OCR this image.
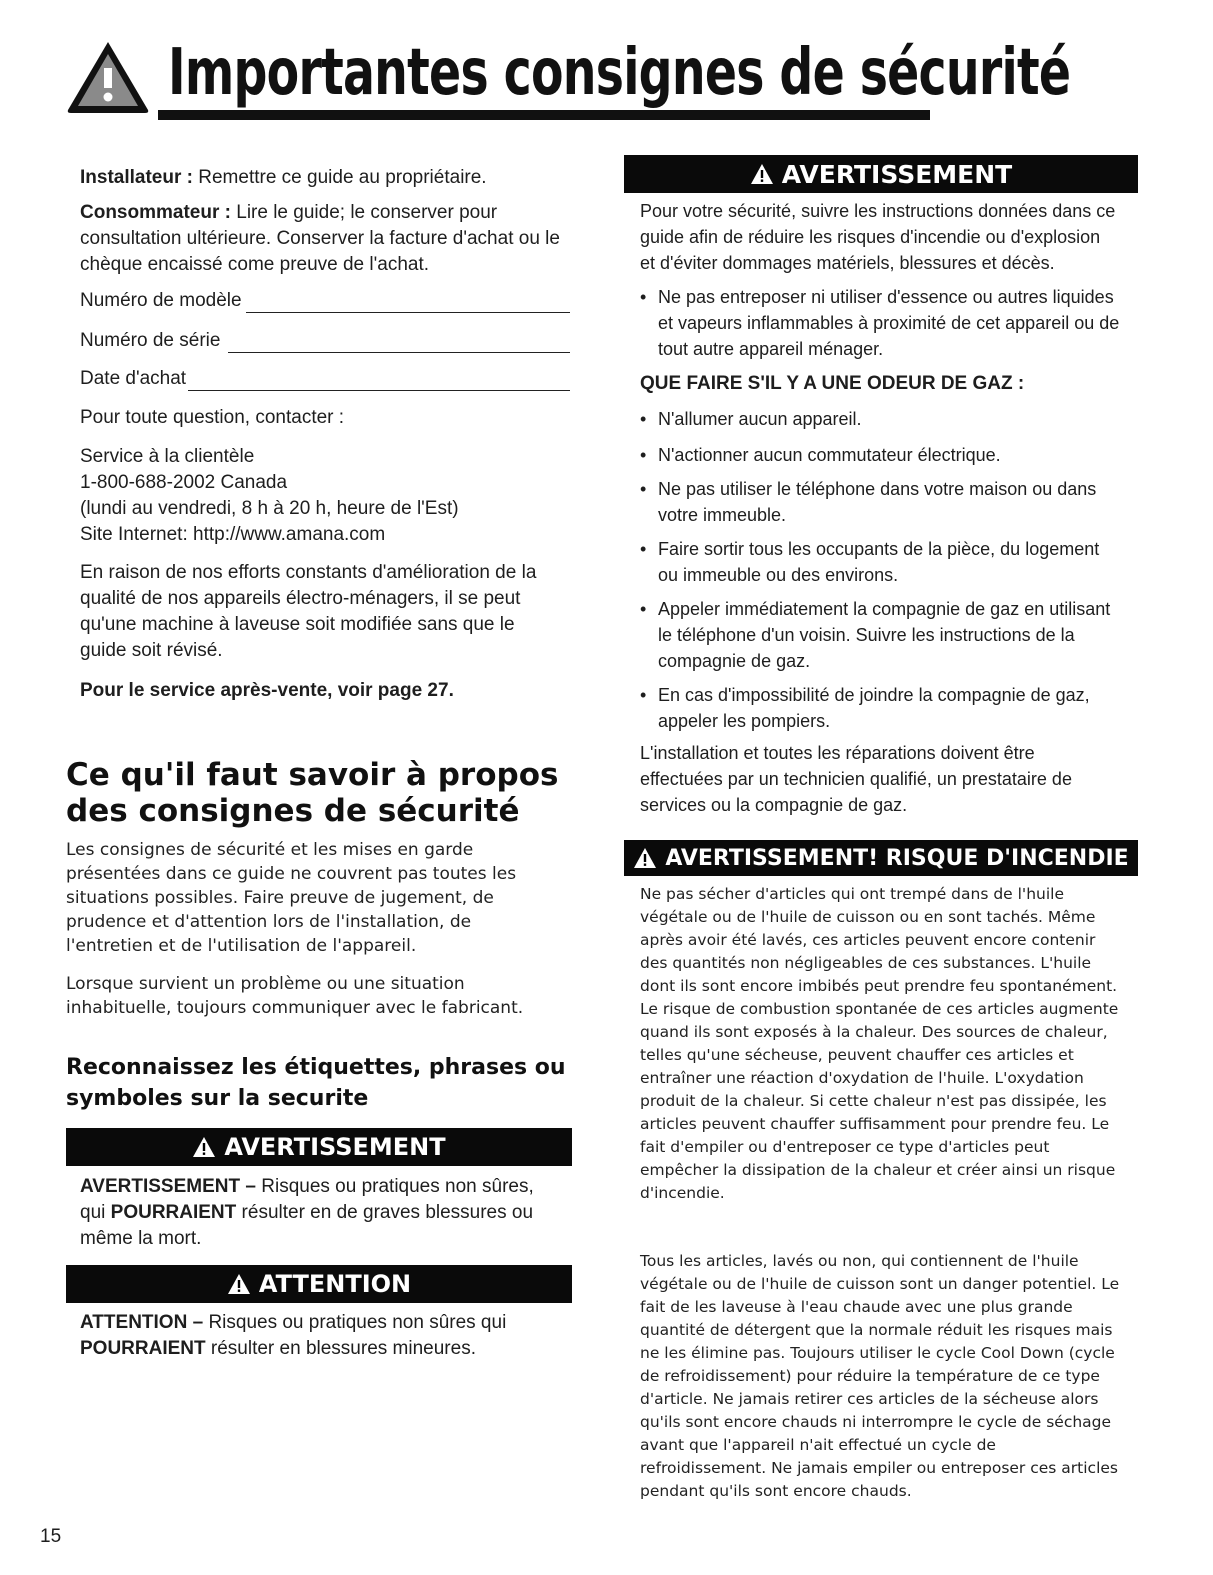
Importantes consignes de sécurité

Installateur : Remettre ce guide au propriétaire.

Consommateur : Lire le guide; le conserver pour consultation ultérieure. Conserver la facture d'achat ou le chèque encaissé come preuve de l'achat.

Numéro de modèle
Numéro de série
Date d'achat

Pour toute question, contacter :

Service à la clientèle
1-800-688-2002 Canada
(lundi au vendredi, 8 h à 20 h, heure de l'Est)
Site Internet: http://www.amana.com

En raison de nos efforts constants d'amélioration de la qualité de nos appareils électro-ménagers, il se peut qu'une machine à laveuse soit modifiée sans que le guide soit révisé.

Pour le service après-vente, voir page 27.

Ce qu'il faut savoir à propos des consignes de sécurité

Les consignes de sécurité et les mises en garde présentées dans ce guide ne couvrent pas toutes les situations possibles. Faire preuve de jugement, de prudence et d'attention lors de l'installation, de l'entretien et de l'utilisation de l'appareil.

Lorsque survient un problème ou une situation inhabituelle, toujours communiquer avec le fabricant.

Reconnaissez les étiquettes, phrases ou symboles sur la securite
AVERTISSEMENT

AVERTISSEMENT – Risques ou pratiques non sûres, qui POURRAIENT résulter en de graves blessures ou même la mort.

ATTENTION

ATTENTION – Risques ou pratiques non sûres qui POURRAIENT résulter en blessures mineures.

AVERTISSEMENT

Pour votre sécurité, suivre les instructions données dans ce guide afin de réduire les risques d'incendie ou d'explosion et d'éviter dommages matériels, blessures et décès.

• Ne pas entreposer ni utiliser d'essence ou autres liquides et vapeurs inflammables à proximité de cet appareil ou de tout autre appareil ménager.

QUE FAIRE S'IL Y A UNE ODEUR DE GAZ :

• N'allumer aucun appareil.

• N'actionner aucun commutateur électrique.

• Ne pas utiliser le téléphone dans votre maison ou dans votre immeuble.

• Faire sortir tous les occupants de la pièce, du logement ou immeuble ou des environs.

• Appeler immédiatement la compagnie de gaz en utilisant le téléphone d'un voisin. Suivre les instructions de la compagnie de gaz.

• En cas d'impossibilité de joindre la compagnie de gaz, appeler les pompiers.

L'installation et toutes les réparations doivent être effectuées par un technicien qualifié, un prestataire de services ou la compagnie de gaz.

AVERTISSEMENT! RISQUE D'INCENDIE

Ne pas sécher d'articles qui ont trempé dans de l'huile végétale ou de l'huile de cuisson ou en sont tachés. Même après avoir été lavés, ces articles peuvent encore contenir des quantités non négligeables de ces substances. L'huile dont ils sont encore imbibés peut prendre feu spontanément. Le risque de combustion spontanée de ces articles augmente quand ils sont exposés à la chaleur. Des sources de chaleur, telles qu'une sécheuse, peuvent chauffer ces articles et entraîner une réaction d'oxydation de l'huile. L'oxydation produit de la chaleur. Si cette chaleur n'est pas dissipée, les articles peuvent chauffer suffisamment pour prendre feu. Le fait d'empiler ou d'entreposer ce type d'articles peut empêcher la dissipation de la chaleur et créer ainsi un risque d'incendie.

Tous les articles, lavés ou non, qui contiennent de l'huile végétale ou de l'huile de cuisson sont un danger potentiel. Le fait de les laveuse à l'eau chaude avec une plus grande quantité de détergent que la normale réduit les risques mais ne les élimine pas. Toujours utiliser le cycle Cool Down (cycle de refroidissement) pour réduire la température de ce type d'article. Ne jamais retirer ces articles de la sécheuse alors qu'ils sont encore chauds ni interrompre le cycle de séchage avant que l'appareil n'ait effectué un cycle de refroidissement. Ne jamais empiler ou entreposer ces articles pendant qu'ils sont encore chauds.

15
